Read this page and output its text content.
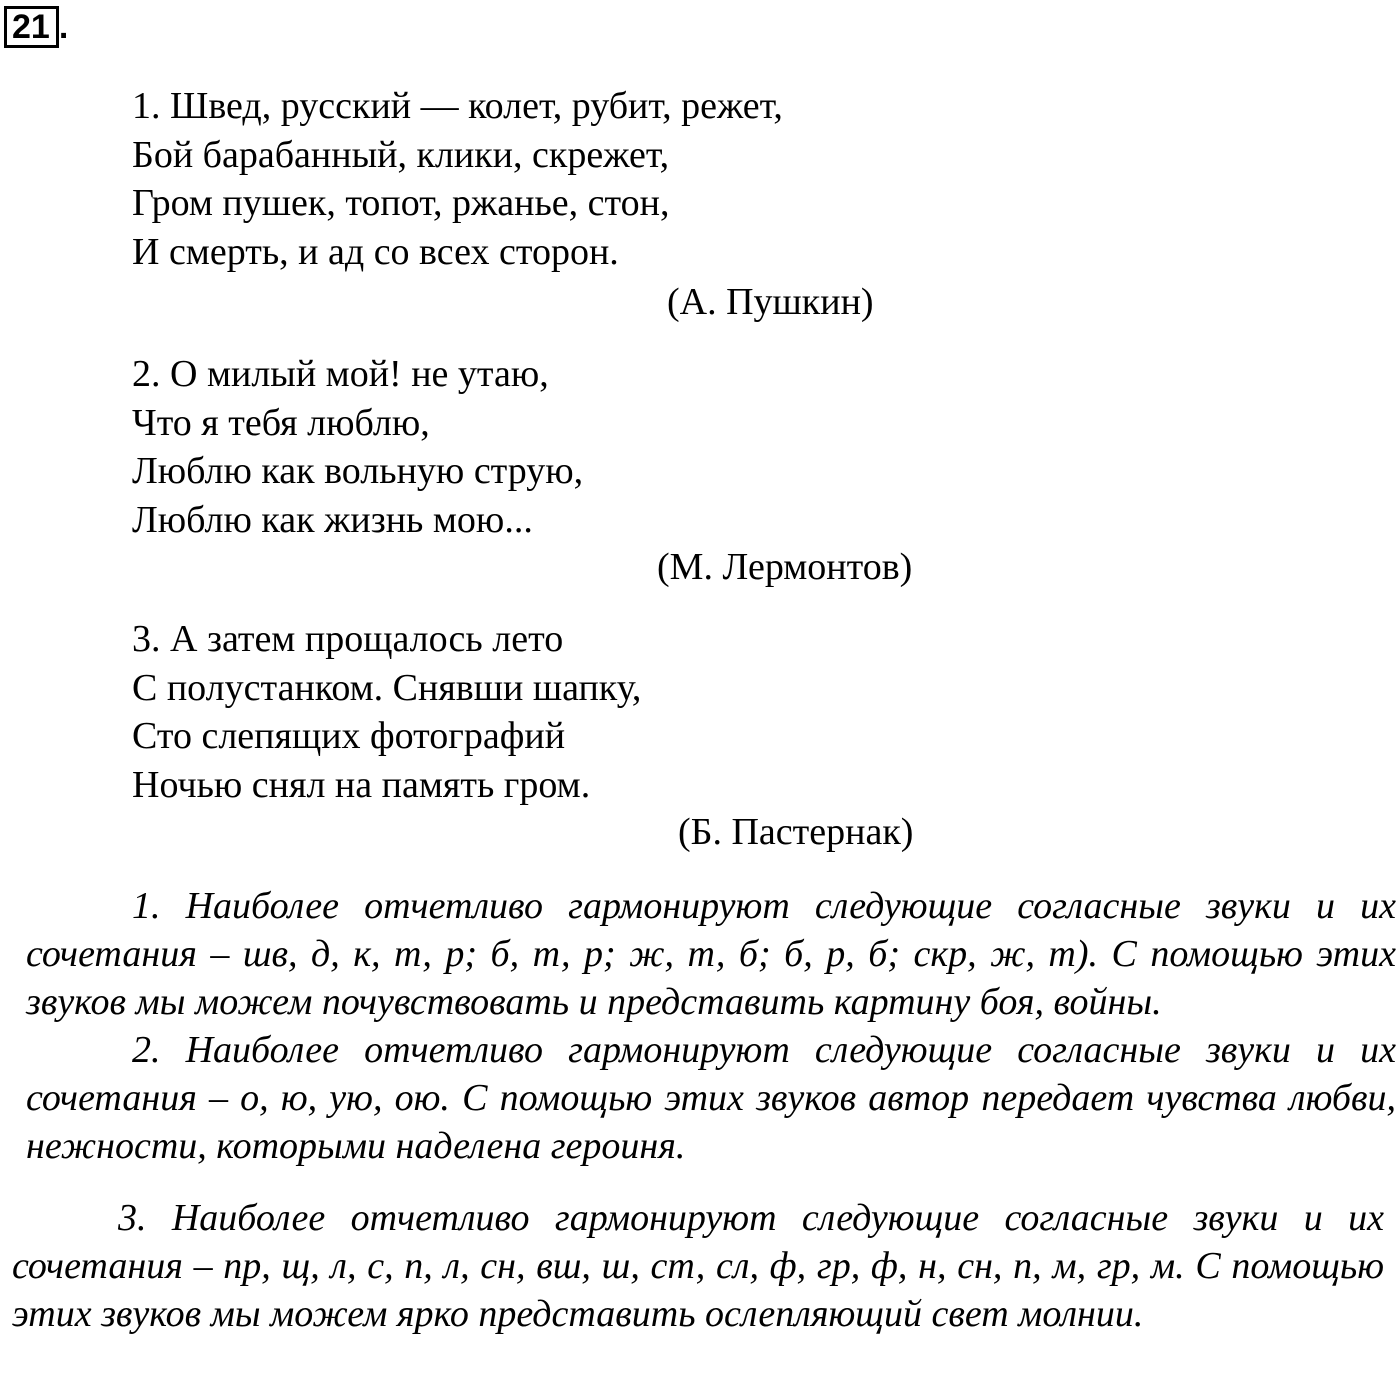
21 .
1. Швед, русский — колет, рубит, режет,
Бой барабанный, клики, скрежет,
Гром пушек, топот, ржанье, стон,
И смерть, и ад со всех сторон.
(А. Пушкин)
2. О милый мой! не утаю,
Что я тебя люблю,
Люблю как вольную струю,
Люблю как жизнь мою...
(М. Лермонтов)
3. А затем прощалось лето
С полустанком. Снявши шапку,
Сто слепящих фотографий
Ночью снял на память гром.
(Б. Пастернак)
1. Наиболее отчетливо гармонируют следующие согласные звуки и их сочетания – шв, д, к, т, р; б, т, р; ж, т, б; б, р, б; скр, ж, т). С помощью этих звуков мы можем почувствовать и представить картину боя, войны.
2. Наиболее отчетливо гармонируют следующие согласные звуки и их сочетания – о, ю, ую, ою. С помощью этих звуков автор передает чувства любви, нежности, которыми наделена героиня.
3. Наиболее отчетливо гармонируют следующие согласные звуки и их сочетания – пр, щ, л, с, п, л, сн, вш, ш, ст, сл, ф, гр, ф, н, сн, п, м, гр, м. С помощью этих звуков мы можем ярко представить ослепляющий свет молнии.
